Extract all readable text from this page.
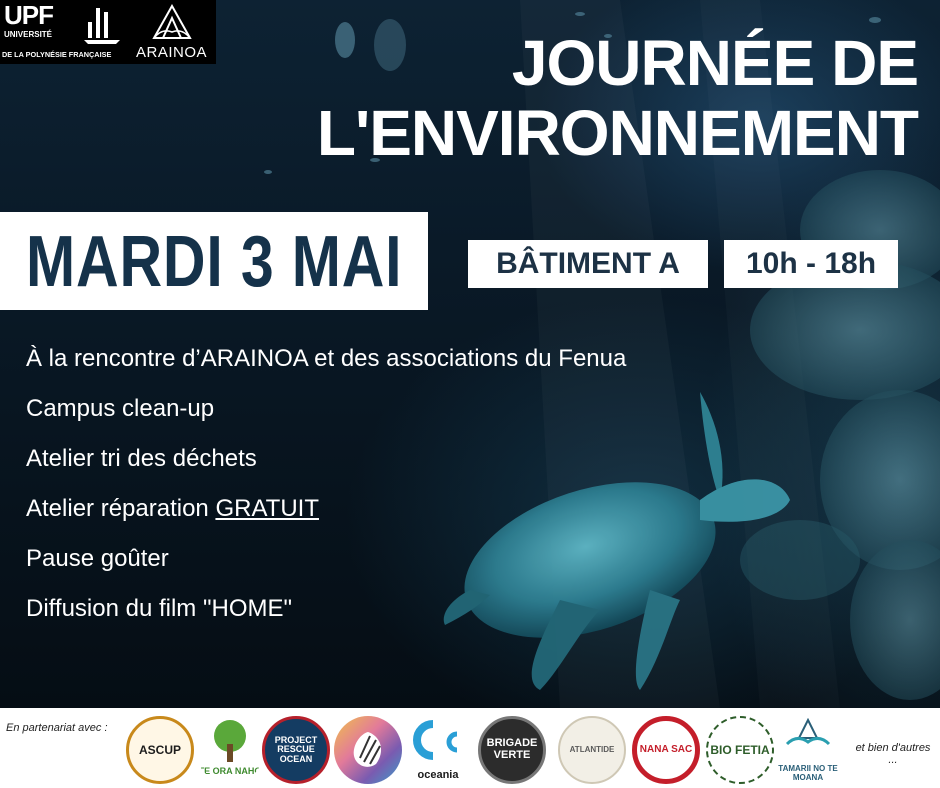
UPF
UNIVERSITÉ
DE LA POLYNÉSIE FRANÇAISE ARAINOA	JOURNÉE DE
L'ENVIRONNEMENT
MARDI 3 MAI	BÂTIMENT A	10h - 18h
À la rencontre d’ARAINOA et des associations du Fenua
Campus clean-up
Atelier tri des déchets
Atelier réparation GRATUIT
Pause goûter
Diffusion du film "HOME"
En partenariat avec :
ASCUP
TE ORA NAHO
PROJECT RESCUE OCEAN
oceania
BRIGADE VERTE	ATLANTIDE	NANA SAC BIO FETIA
TAMARII NO TE MOANA
et bien d'autres
...
